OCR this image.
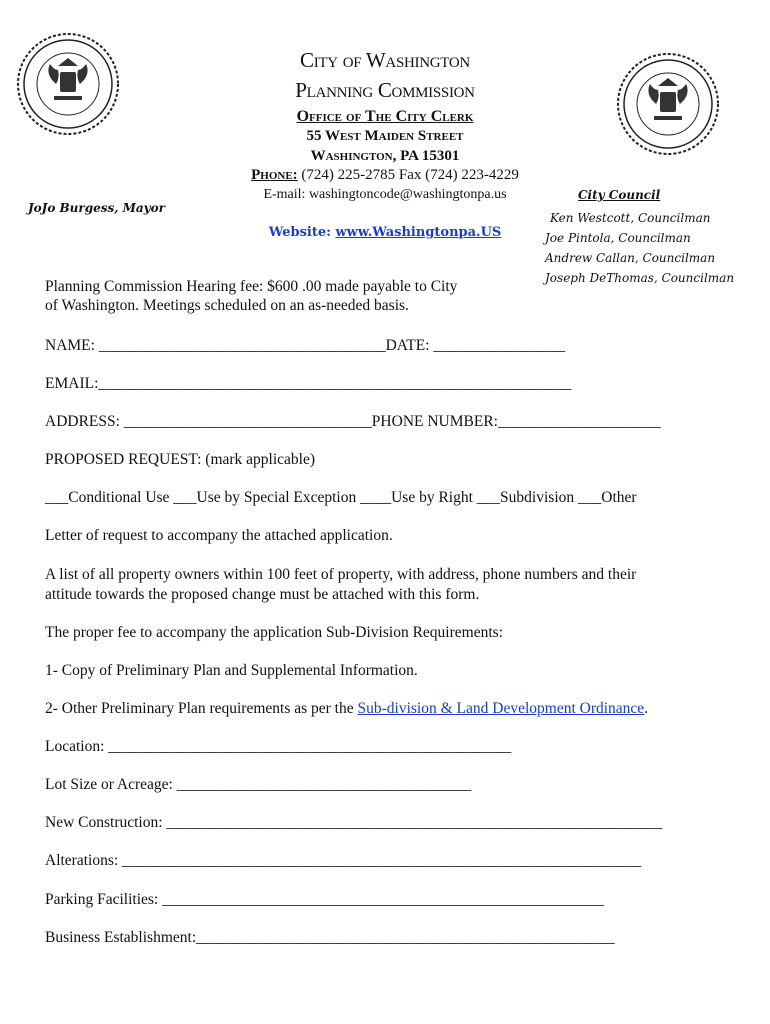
City of Washington
Planning Commission
Office of The City Clerk
55 West Maiden Street
Washington, PA 15301
Phone: (724) 225-2785 Fax (724) 223-4229
E-mail: washingtoncode@washingtonpa.us
Website: www.Washingtonpa.US
JoJo Burgess, Mayor
City Council
Ken Westcott, Councilman
Joe Pintola, Councilman
Andrew Callan, Councilman
Joseph DeThomas, Councilman
Planning Commission Hearing fee: $600 .00 made payable to City
of Washington. Meetings scheduled on an as-needed basis.
NAME: _____________________________________DATE: _________________
EMAIL:_____________________________________________________________
ADDRESS: ________________________________PHONE NUMBER:_____________________
PROPOSED REQUEST: (mark applicable)
___Conditional Use ___Use by Special Exception ____Use by Right ___Subdivision ___Other
Letter of request to accompany the attached application.
A list of all property owners within 100 feet of property, with address, phone numbers and their
attitude towards the proposed change must be attached with this form.
The proper fee to accompany the application Sub-Division Requirements:
1- Copy of Preliminary Plan and Supplemental Information.
2- Other Preliminary Plan requirements as per the Sub-division & Land Development Ordinance.
Location: ____________________________________________________
Lot Size or Acreage: ______________________________________
New Construction: ________________________________________________________________
Alterations: ___________________________________________________________________
Parking Facilities: _________________________________________________________
Business Establishment:______________________________________________________
